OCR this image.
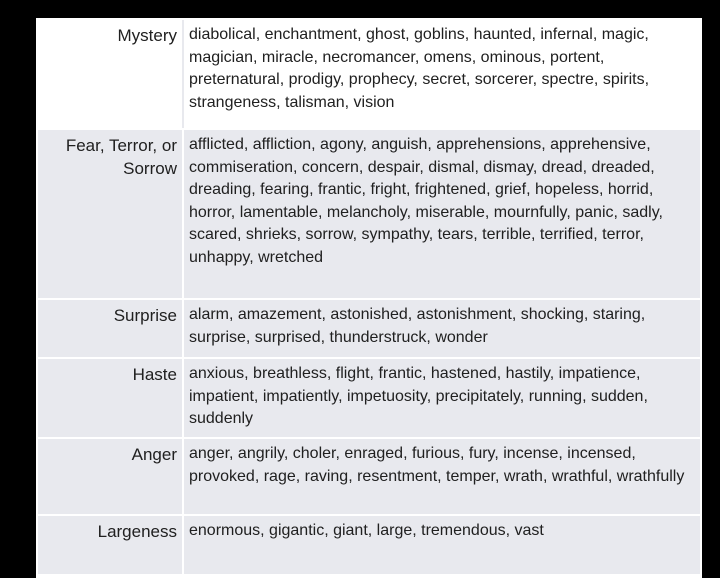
Mystery diabolical, enchantment, ghost, goblins, haunted, infernal, magic, magician, miracle, necromancer, omens, ominous, portent, preternatural, prodigy, prophecy, secret, sorcerer, spectre, spirits, strangeness, talisman, vision
Fear, Terror, or Sorrow
afflicted, affliction, agony, anguish, apprehensions, apprehensive, commiseration, concern, despair, dismal, dismay, dread, dreaded, dreading, fearing, frantic, fright, frightened, grief, hopeless, horrid, horror, lamentable, melancholy, miserable, mournfully, panic, sadly, scared, shrieks, sorrow, sympathy, tears, terrible, terrified, terror, unhappy, wretched
Surprise alarm, amazement, astonished, astonishment, shocking, staring, surprise, surprised, thunderstruck, wonder
Haste anxious, breathless, flight, frantic, hastened, hastily, impatience, impatient, impatiently, impetuosity, precipitately, running, sudden, suddenly
Anger anger, angrily, choler, enraged, furious, fury, incense, incensed, provoked, rage, raving, resentment, temper, wrath, wrathful, wrathfully
Largeness enormous, gigantic, giant, large, tremendous, vast
